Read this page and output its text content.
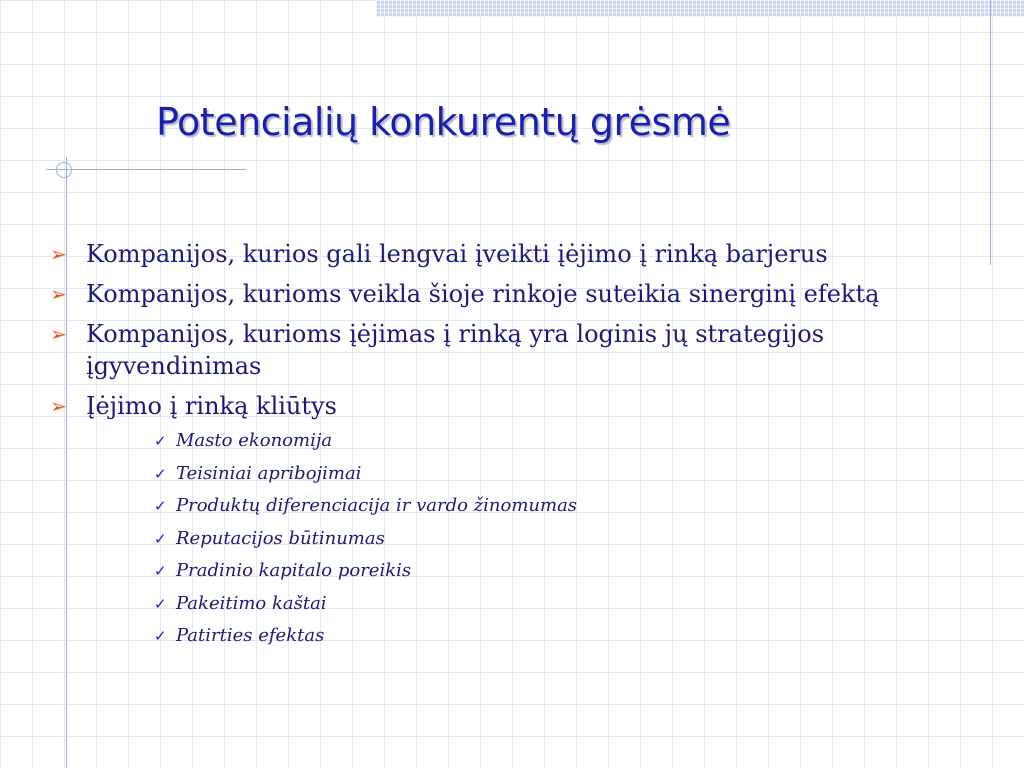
Potencialių konkurentų grėsmė
➢ Kompanijos, kurios gali lengvai įveikti įėjimo į rinką barjerus
➢ Kompanijos, kurioms veikla šioje rinkoje suteikia sinerginį efektą
➢ Kompanijos, kurioms įėjimas į rinką yra loginis jų strategijos įgyvendinimas
➢ Įėjimo į rinką kliūtys
✓ Masto ekonomija
✓ Teisiniai apribojimai
✓ Produktų diferenciacija ir vardo žinomumas
✓ Reputacijos būtinumas
✓ Pradinio kapitalo poreikis
✓ Pakeitimo kaštai
✓ Patirties efektas
